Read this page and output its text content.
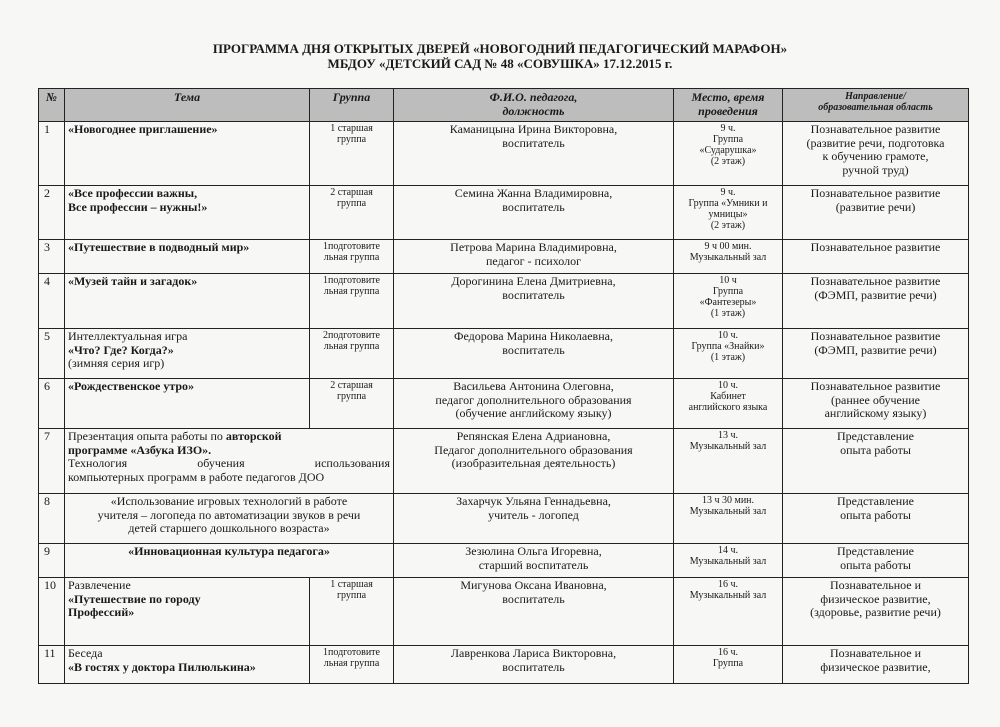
ПРОГРАММА ДНЯ ОТКРЫТЫХ ДВЕРЕЙ «НОВОГОДНИЙ ПЕДАГОГИЧЕСКИЙ МАРАФОН»
МБДОУ «ДЕТСКИЙ САД № 48 «СОВУШКА» 17.12.2015 г.
№	Тема	Группа	Ф.И.О. педагога,
должность	Место, время
проведения	Направление/
образовательная область

1	«Новогоднее приглашение»	1 старшая
группа	Каманицына Ирина Викторовна,
воспитатель	9 ч.
Группа
«Сударушка»
(2 этаж)	Познавательное развитие
(развитие речи, подготовка
к обучению грамоте,
ручной труд)

2	«Все профессии важны,
Все профессии – нужны!»	2 старшая
группа	Семина Жанна Владимировна,
воспитатель	9 ч.
Группа «Умники и
умницы»
(2 этаж)	Познавательное развитие
(развитие речи)

3	«Путешествие в подводный мир»	1подготовите
льная группа	Петрова Марина Владимировна,
педагог - психолог	9 ч 00 мин.
Музыкальный зал	Познавательное развитие

4	«Музей тайн и загадок»	1подготовите
льная группа	Дорогинина Елена Дмитриевна,
воспитатель	10 ч
Группа
«Фантезеры»
(1 этаж)	Познавательное развитие
(ФЭМП, развитие речи)

5	Интеллектуальная игра
«Что? Где? Когда?»
(зимняя серия игр)	2подготовите
льная группа	Федорова Марина Николаевна,
воспитатель	10 ч.
Группа «Знайки»
(1 этаж)	Познавательное развитие
(ФЭМП, развитие речи)

6	«Рождественское утро»	2 старшая
группа	Васильева Антонина Олеговна,
педагог дополнительного образования
(обучение английскому языку)	10 ч.
Кабинет
английского языка	Познавательное развитие
(раннее обучение
английскому языку)

7	Презентация опыта работы по авторской
программе «Азбука ИЗО».
Технология обучения использования
компьютерных программ в работе педагогов ДОО		Репянская Елена Адриановна,
Педагог дополнительного образования
(изобразительная деятельность)	13 ч.
Музыкальный зал	Представление
опыта работы

8	«Использование игровых технологий в работе
учителя – логопеда по автоматизации звуков в речи
детей старшего дошкольного возраста»		Захарчук Ульяна Геннадьевна,
учитель - логопед	13 ч 30 мин.
Музыкальный зал	Представление
опыта работы

9	«Инновационная культура педагога»		Зезюлина Ольга Игоревна,
старший воспитатель	14 ч.
Музыкальный зал	Представление
опыта работы

10	Развлечение
«Путешествие по городу
Профессий»	1 старшая
группа	Мигунова Оксана Ивановна,
воспитатель	16 ч.
Музыкальный зал	Познавательное и
физическое развитие,
(здоровье, развитие речи)

11	Беседа
«В гостях у доктора Пилюлькина»	1подготовите
льная группа	Лавренкова Лариса Викторовна,
воспитатель	16 ч.
Группа	Познавательное и
физическое развитие,
